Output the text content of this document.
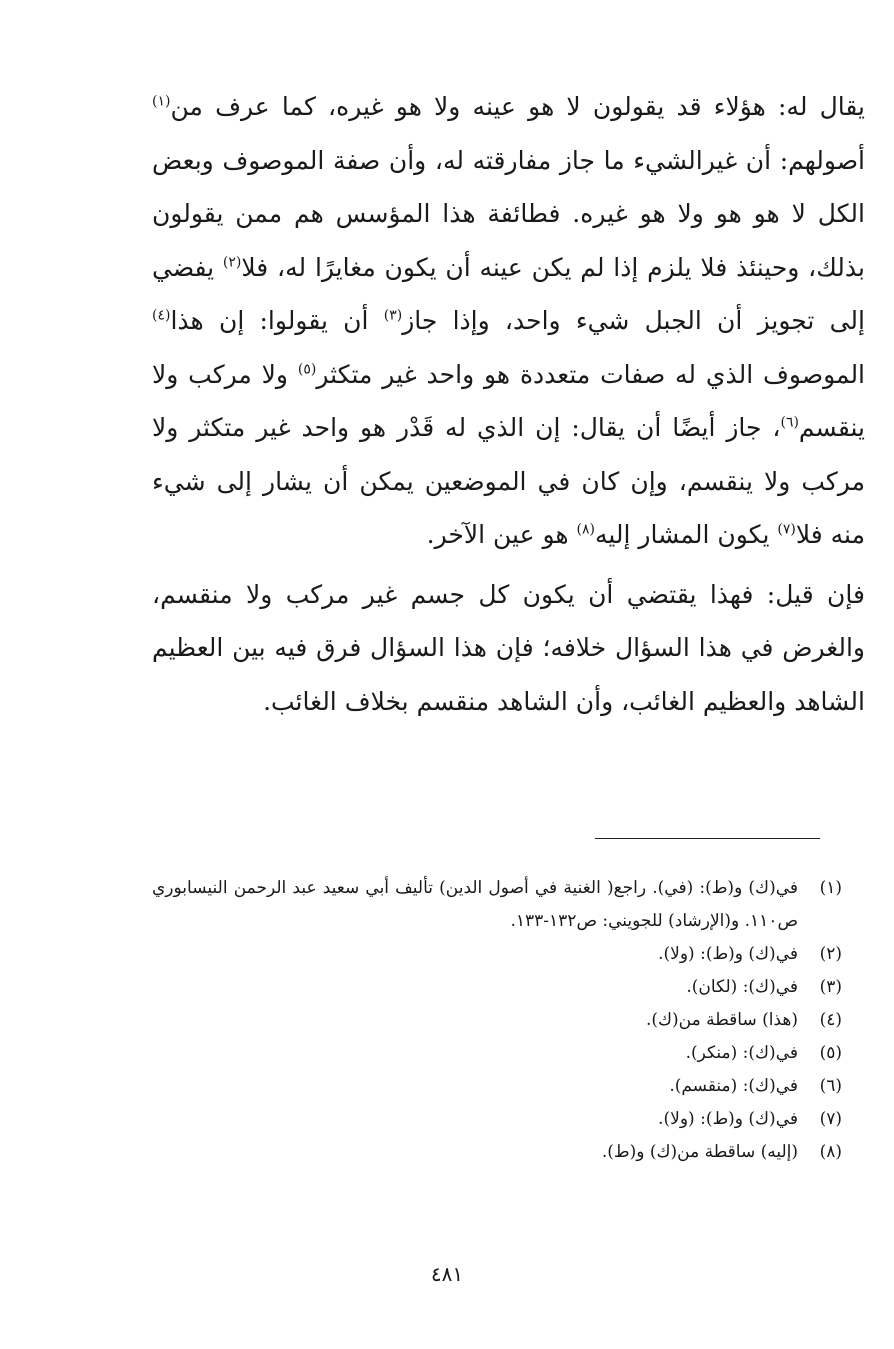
يقال له: هؤلاء قد يقولون لا هو عينه ولا هو غيره، كما عرف من$^{(١)}$ أصولهم: أن غيرالشيء ما جاز مفارقته له، وأن صفة الموصوف وبعض الكل لا هو هو ولا هو غيره. فطائفة هذا المؤسس هم ممن يقولون بذلك، وحينئذ فلا يلزم إذا لم يكن عينه أن يكون مغايرًا له، فلا$^{(٢)}$ يفضي إلى تجويز أن الجبل شيء واحد، وإذا جاز$^{(٣)}$ أن يقولوا: إن هذا$^{(٤)}$ الموصوف الذي له صفات متعددة هو واحد غير متكثر$^{(٥)}$ ولا مركب ولا ينقسم$^{(٦)}$، جاز أيضًا أن يقال: إن الذي له قَدْر هو واحد غير متكثر ولا مركب ولا ينقسم، وإن كان في الموضعين يمكن أن يشار إلى شيء منه فلا$^{(٧)}$ يكون المشار إليه$^{(٨)}$ هو عين الآخر.

فإن قيل: فهذا يقتضي أن يكون كل جسم غير مركب ولا منقسم، والغرض في هذا السؤال خلافه؛ فإن هذا السؤال فرق فيه بين العظيم الشاهد والعظيم الغائب، وأن الشاهد منقسم بخلاف الغائب.

(١)
في(ك) و(ط): (في). راجع( الغنية في أصول الدين) تأليف أبي سعيد عبد الرحمن النيسابوري ص١١٠. و(الإرشاد) للجويني: ص١٣٢-١٣٣.
(٢)
في(ك) و(ط): (ولا).
(٣)
في(ك): (لكان).
(٤)
(هذا) ساقطة من(ك).
(٥)
في(ك): (منكر).
(٦)
في(ك): (منقسم).
(٧)
في(ك) و(ط): (ولا).
(٨)
(إليه) ساقطة من(ك) و(ط).
٤٨١
